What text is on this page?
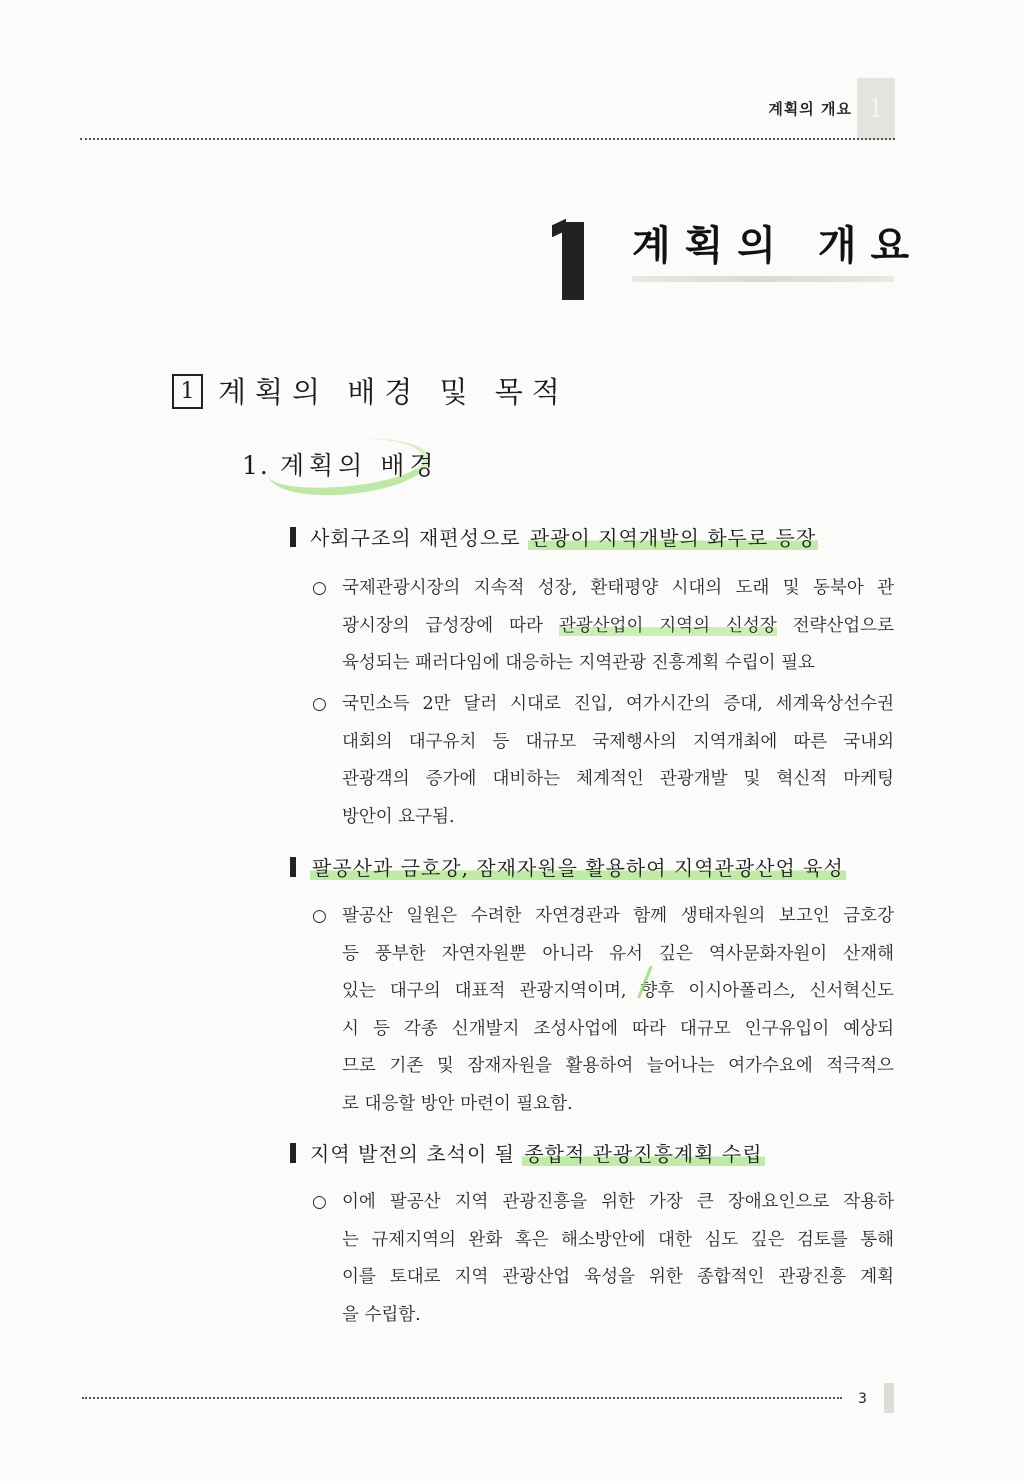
계획의 개요 1
계획의 개요
1 계획의 배경 및 목적
1. 계획의 배경
사회구조의 재편성으로 관광이 지역개발의 화두로 등장
○ 국제관광시장의 지속적 성장, 환태평양 시대의 도래 및 동북아 관
광시장의 급성장에 따라 관광산업이 지역의 신성장 전략산업으로
육성되는 패러다임에 대응하는 지역관광 진흥계획 수립이 필요
○ 국민소득 2만 달러 시대로 진입, 여가시간의 증대, 세계육상선수권
대회의 대구유치 등 대규모 국제행사의 지역개최에 따른 국내외
관광객의 증가에 대비하는 체계적인 관광개발 및 혁신적 마케팅
방안이 요구됨.
팔공산과 금호강, 잠재자원을 활용하여 지역관광산업 육성
○ 팔공산 일원은 수려한 자연경관과 함께 생태자원의 보고인 금호강
등 풍부한 자연자원뿐 아니라 유서 깊은 역사문화자원이 산재해
있는 대구의 대표적 관광지역이며, 향후 이시아폴리스, 신서혁신도
시 등 각종 신개발지 조성사업에 따라 대규모 인구유입이 예상되
므로 기존 및 잠재자원을 활용하여 늘어나는 여가수요에 적극적으
로 대응할 방안 마련이 필요함.
지역 발전의 초석이 될 종합적 관광진흥계획 수립
○ 이에 팔공산 지역 관광진흥을 위한 가장 큰 장애요인으로 작용하
는 규제지역의 완화 혹은 해소방안에 대한 심도 깊은 검토를 통해
이를 토대로 지역 관광산업 육성을 위한 종합적인 관광진흥 계획
을 수립함.
3
